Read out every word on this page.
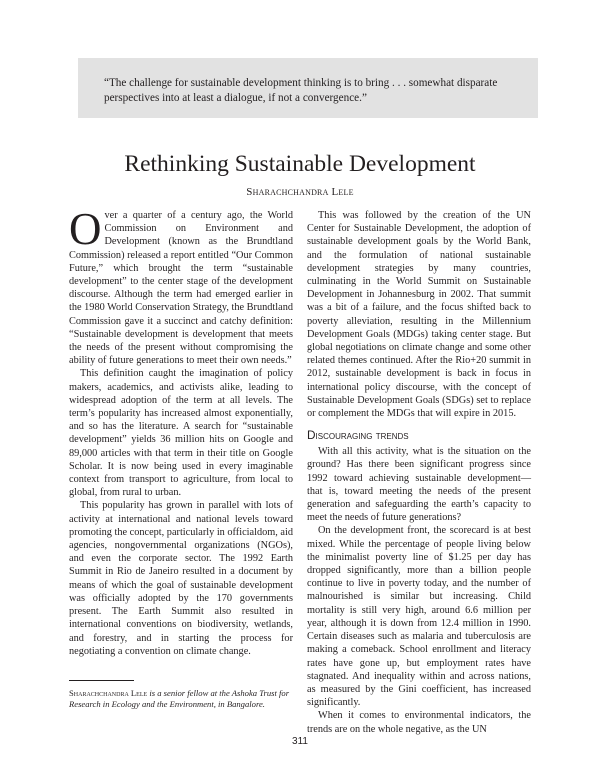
“The challenge for sustainable development thinking is to bring . . . somewhat disparate perspectives into at least a dialogue, if not a convergence.”

Rethinking Sustainable Development

Sharachchandra Lele

Over a quarter of a century ago, the World Commission on Environment and Development (known as the Brundtland Commission) released a report entitled “Our Common Future,” which brought the term “sustainable development” to the center stage of the development discourse. Although the term had emerged earlier in the 1980 World Conservation Strategy, the Brundtland Commission gave it a succinct and catchy definition: “Sustainable development is development that meets the needs of the present without compromising the ability of future generations to meet their own needs.”

This definition caught the imagination of policy makers, academics, and activists alike, leading to widespread adoption of the term at all levels. The term’s popularity has increased almost exponentially, and so has the literature. A search for “sustainable development” yields 36 million hits on Google and 89,000 articles with that term in their title on Google Scholar. It is now being used in every imaginable context from transport to agriculture, from local to global, from rural to urban.

This popularity has grown in parallel with lots of activity at international and national levels toward promoting the concept, particularly in officialdom, aid agencies, nongovernmental organizations (NGOs), and even the corporate sector. The 1992 Earth Summit in Rio de Janeiro resulted in a document by means of which the goal of sustainable development was officially adopted by the 170 governments present. The Earth Summit also resulted in international conventions on biodiversity, wetlands, and forestry, and in starting the process for negotiating a convention on climate change.

This was followed by the creation of the UN Center for Sustainable Development, the adoption of sustainable development goals by the World Bank, and the formulation of national sustainable development strategies by many countries, culminating in the World Summit on Sustainable Development in Johannesburg in 2002. That summit was a bit of a failure, and the focus shifted back to poverty alleviation, resulting in the Millennium Development Goals (MDGs) taking center stage. But global negotiations on climate change and some other related themes continued. After the Rio+20 summit in 2012, sustainable development is back in focus in international policy discourse, with the concept of Sustainable Development Goals (SDGs) set to replace or complement the MDGs that will expire in 2015.

Discouraging trends

With all this activity, what is the situation on the ground? Has there been significant progress since 1992 toward achieving sustainable development—that is, toward meeting the needs of the present generation and safeguarding the earth’s capacity to meet the needs of future generations?

On the development front, the scorecard is at best mixed. While the percentage of people living below the minimalist poverty line of $1.25 per day has dropped significantly, more than a billion people continue to live in poverty today, and the number of malnourished is similar but increasing. Child mortality is still very high, around 6.6 million per year, although it is down from 12.4 million in 1990. Certain diseases such as malaria and tuberculosis are making a comeback. School enrollment and literacy rates have gone up, but employment rates have stagnated. And inequality within and across nations, as measured by the Gini coefficient, has increased significantly.

When it comes to environmental indicators, the trends are on the whole negative, as the UN

Sharachchandra Lele is a senior fellow at the Ashoka Trust for Research in Ecology and the Environment, in Bangalore.

311
